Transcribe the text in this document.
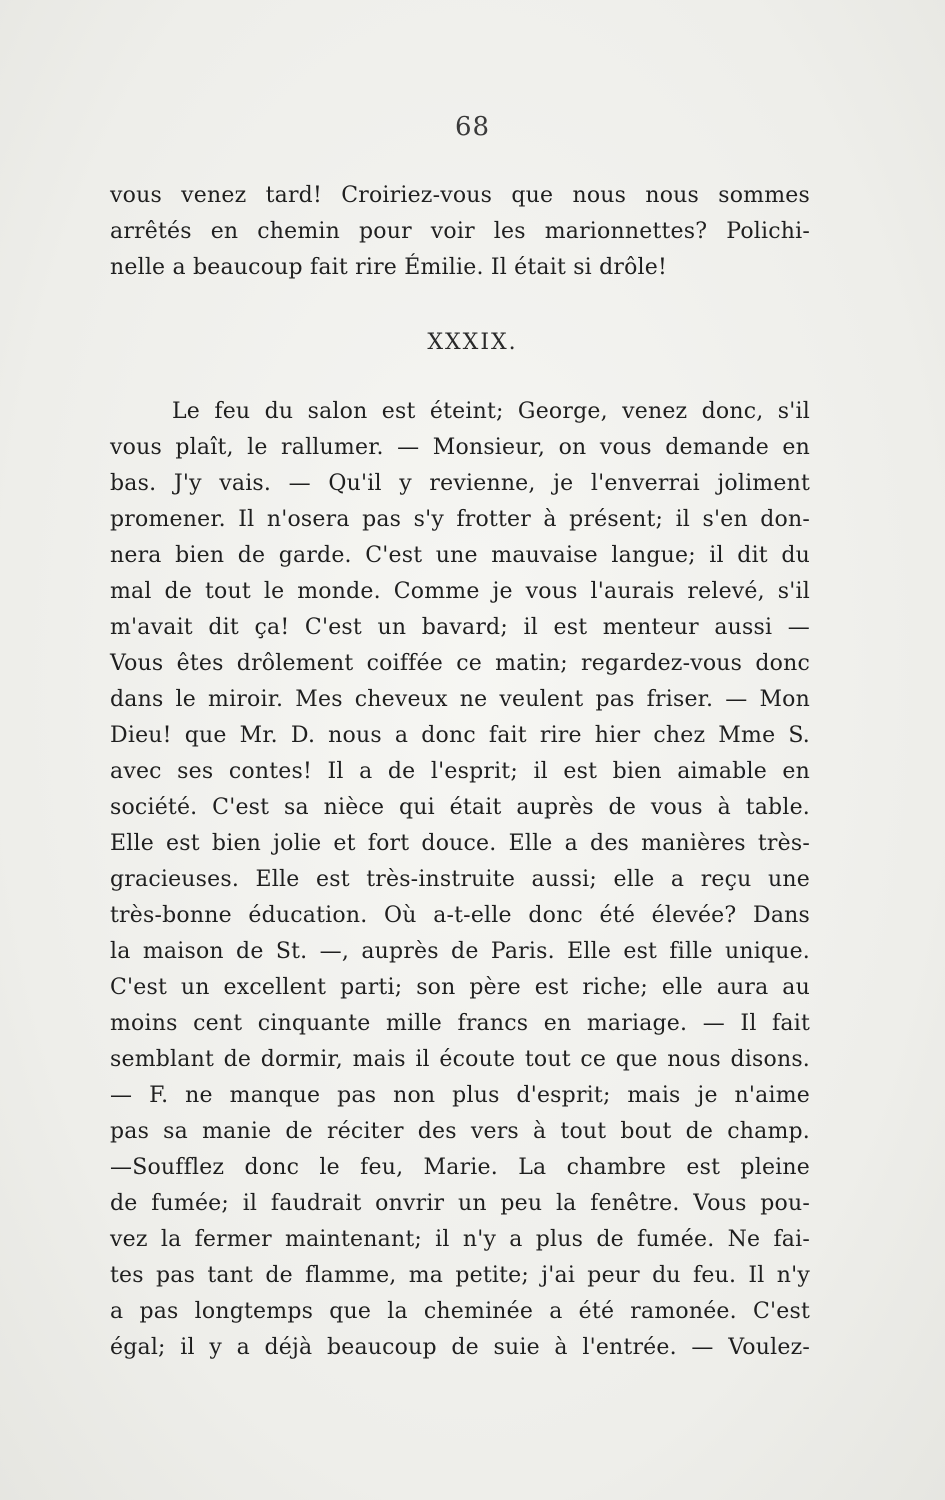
68
vous venez tard! Croiriez-vous que nous nous sommes
arrêtés en chemin pour voir les marionnettes? Polichi-
nelle a beaucoup fait rire Émilie. Il était si drôle!
XXXIX.
Le feu du salon est éteint; George, venez donc, s'il
vous plaît, le rallumer. — Monsieur, on vous demande en
bas. J'y vais. — Qu'il y revienne, je l'enverrai joliment
promener. Il n'osera pas s'y frotter à présent; il s'en don-
nera bien de garde. C'est une mauvaise langue; il dit du
mal de tout le monde. Comme je vous l'aurais relevé, s'il
m'avait dit ça! C'est un bavard; il est menteur aussi —
Vous êtes drôlement coiffée ce matin; regardez-vous donc
dans le miroir. Mes cheveux ne veulent pas friser. — Mon
Dieu! que Mr. D. nous a donc fait rire hier chez Mme S.
avec ses contes! Il a de l'esprit; il est bien aimable en
société. C'est sa nièce qui était auprès de vous à table.
Elle est bien jolie et fort douce. Elle a des manières très-
gracieuses. Elle est très-instruite aussi; elle a reçu une
très-bonne éducation. Où a-t-elle donc été élevée? Dans
la maison de St. —, auprès de Paris. Elle est fille unique.
C'est un excellent parti; son père est riche; elle aura au
moins cent cinquante mille francs en mariage. — Il fait
semblant de dormir, mais il écoute tout ce que nous disons.
— F. ne manque pas non plus d'esprit; mais je n'aime
pas sa manie de réciter des vers à tout bout de champ.
—Soufflez donc le feu, Marie. La chambre est pleine
de fumée; il faudrait onvrir un peu la fenêtre. Vous pou-
vez la fermer maintenant; il n'y a plus de fumée. Ne fai-
tes pas tant de flamme, ma petite; j'ai peur du feu. Il n'y
a pas longtemps que la cheminée a été ramonée. C'est
égal; il y a déjà beaucoup de suie à l'entrée. — Voulez-
